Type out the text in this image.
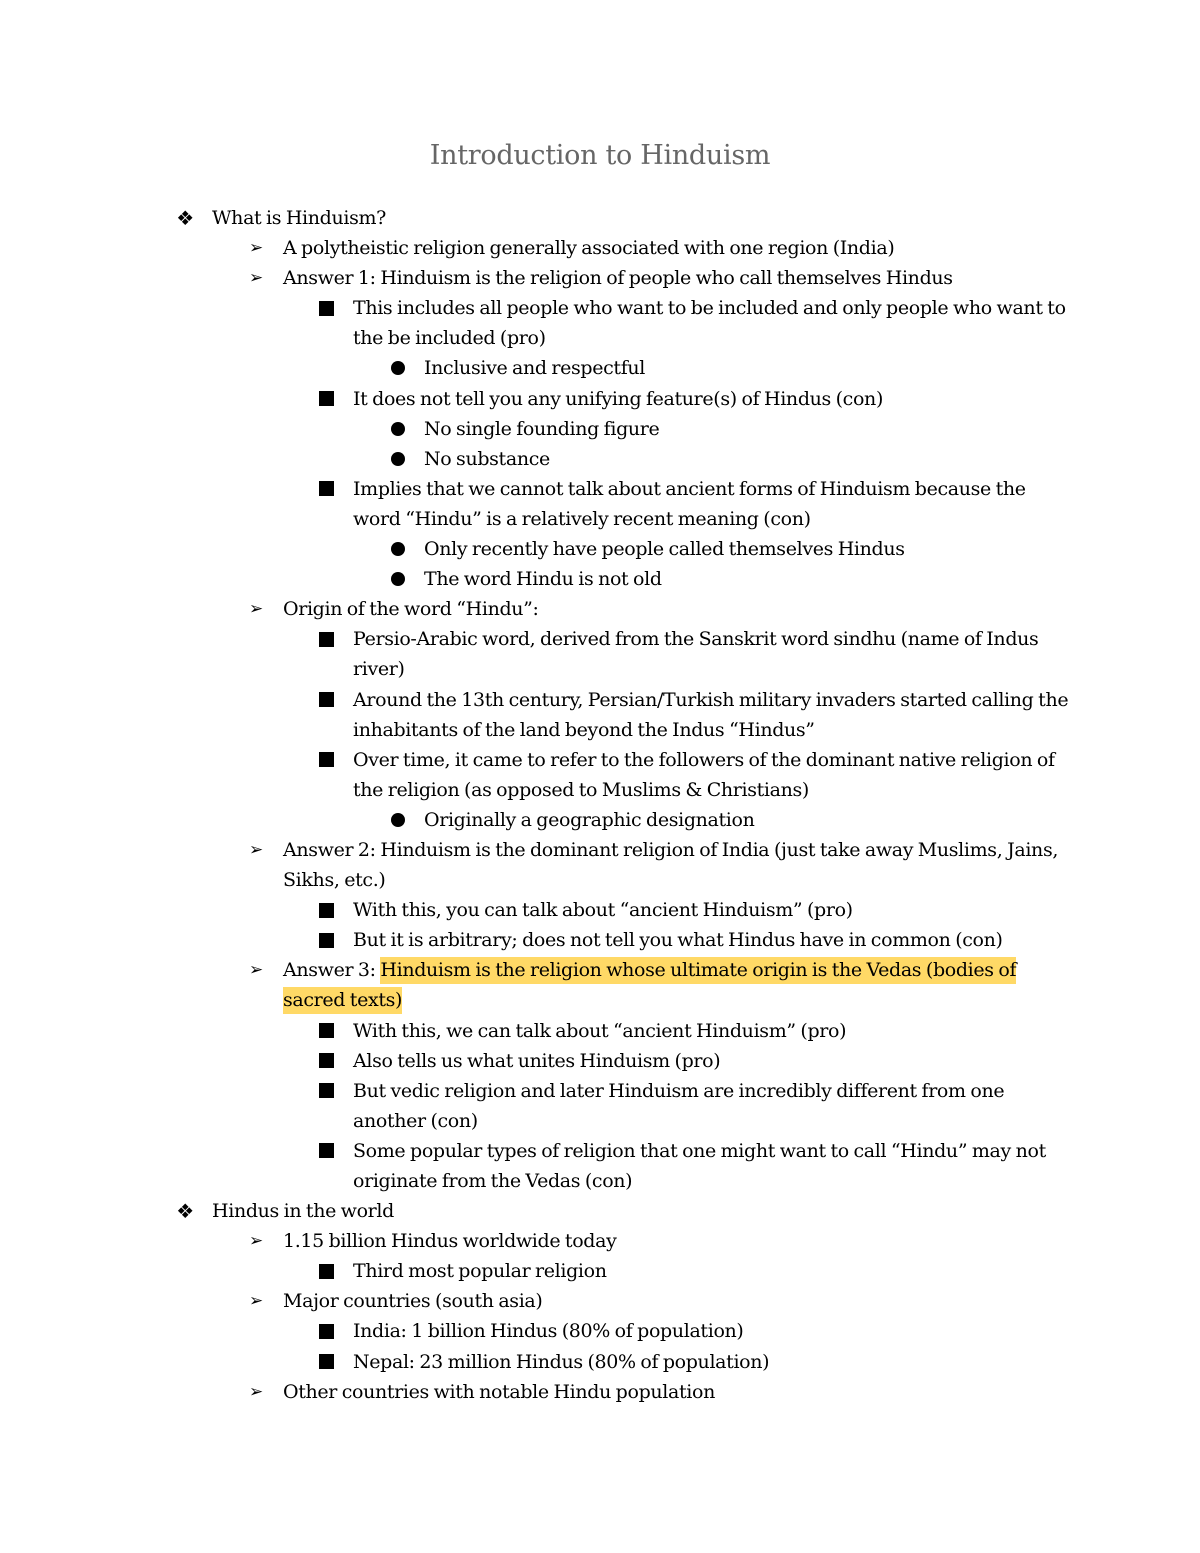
Introduction to Hinduism
❖ What is Hinduism?
➢ A polytheistic religion generally associated with one region (India)
➢ Answer 1: Hinduism is the religion of people who call themselves Hindus
This includes all people who want to be included and only people who want to the be included (pro)
Inclusive and respectful
It does not tell you any unifying feature(s) of Hindus (con)
No single founding figure
No substance
Implies that we cannot talk about ancient forms of Hinduism because the word “Hindu” is a relatively recent meaning (con)
Only recently have people called themselves Hindus
The word Hindu is not old
➢ Origin of the word “Hindu”:
Persio-Arabic word, derived from the Sanskrit word sindhu (name of Indus river)
Around the 13th century, Persian/Turkish military invaders started calling the inhabitants of the land beyond the Indus “Hindus”
Over time, it came to refer to the followers of the dominant native religion of the religion (as opposed to Muslims & Christians)
Originally a geographic designation
➢ Answer 2: Hinduism is the dominant religion of India (just take away Muslims, Jains, Sikhs, etc.)
With this, you can talk about “ancient Hinduism” (pro)
But it is arbitrary; does not tell you what Hindus have in common (con)
➢ Answer 3: Hinduism is the religion whose ultimate origin is the Vedas (bodies of sacred texts)
With this, we can talk about “ancient Hinduism” (pro)
Also tells us what unites Hinduism (pro)
But vedic religion and later Hinduism are incredibly different from one another (con)
Some popular types of religion that one might want to call “Hindu” may not originate from the Vedas (con)
❖ Hindus in the world
➢ 1.15 billion Hindus worldwide today
Third most popular religion
➢ Major countries (south asia)
India: 1 billion Hindus (80% of population)
Nepal: 23 million Hindus (80% of population)
➢ Other countries with notable Hindu population
